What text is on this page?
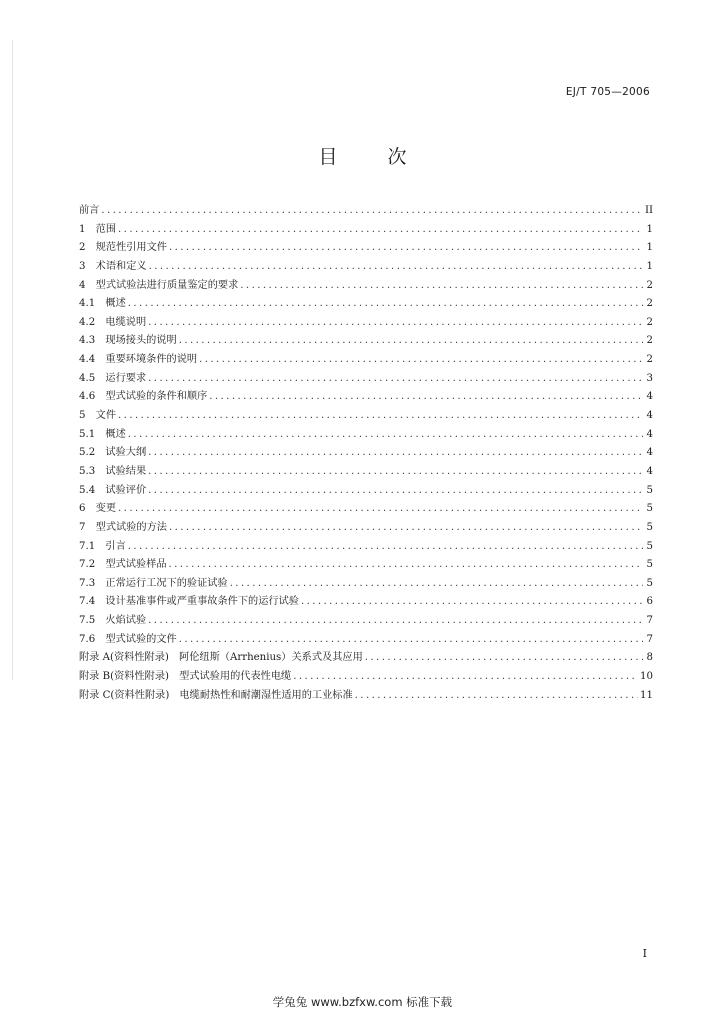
EJ/T 705—2006
目 次
前言 .....	II
1　范围 .....	1
2　规范性引用文件 .....	1
3　术语和定义 .....	1
4　型式试验法进行质量鉴定的要求 .....	2
4.1　概述 .....	2
4.2　电缆说明 .....	2
4.3　现场接头的说明 .....	2
4.4　重要环境条件的说明 .....	2
4.5　运行要求 .....	3
4.6　型式试验的条件和顺序 .....	4
5　文件 .....	4
5.1　概述 .....	4
5.2　试验大纲 .....	4
5.3　试验结果 .....	4
5.4　试验评价 .....	5
6　变更 .....	5
7　型式试验的方法 .....	5
7.1　引言 .....	5
7.2　型式试验样品 .....	5
7.3　正常运行工况下的验证试验 .....	5
7.4　设计基准事件或严重事故条件下的运行试验 .....	6
7.5　火焰试验 .....	7
7.6　型式试验的文件 .....	7
附录 A(资料性附录)　阿伦纽斯（Arrhenius）关系式及其应用 .....	8
附录 B(资料性附录)　型式试验用的代表性电缆 .....	10
附录 C(资料性附录)　电缆耐热性和耐潮湿性适用的工业标准 .....	11
I
学兔兔 www.bzfxw.com 标准下载
